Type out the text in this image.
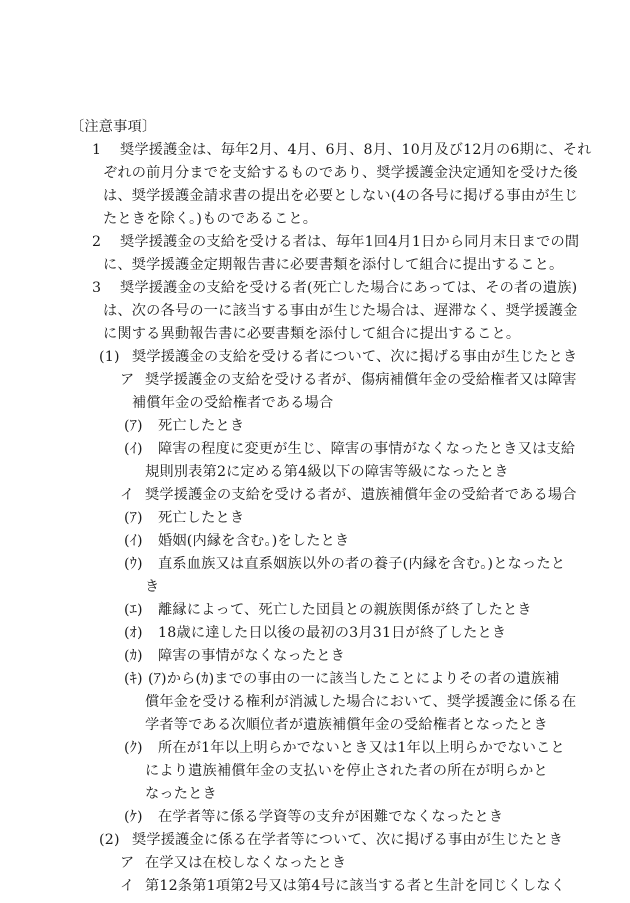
〔注意事項〕
1 奨学援護金は、毎年2月、4月、6月、8月、10月及び12月の6期に、それ
ぞれの前月分までを支給するものであり、奨学援護金決定通知を受けた後
は、奨学援護金請求書の提出を必要としない(4の各号に掲げる事由が生じ
たときを除く。)ものであること。
2 奨学援護金の支給を受ける者は、毎年1回4月1日から同月末日までの間
に、奨学援護金定期報告書に必要書類を添付して組合に提出すること。
3 奨学援護金の支給を受ける者(死亡した場合にあっては、その者の遺族)
は、次の各号の一に該当する事由が生じた場合は、遅滞なく、奨学援護金
に関する異動報告書に必要書類を添付して組合に提出すること。
(1) 奨学援護金の支給を受ける者について、次に掲げる事由が生じたとき
ア 奨学援護金の支給を受ける者が、傷病補償年金の受給権者又は障害
補償年金の受給権者である場合
(ｱ) 死亡したとき
(ｲ) 障害の程度に変更が生じ、障害の事情がなくなったとき又は支給
規則別表第2に定める第4級以下の障害等級になったとき
イ 奨学援護金の支給を受ける者が、遺族補償年金の受給者である場合
(ｱ) 死亡したとき
(ｲ) 婚姻(内縁を含む。)をしたとき
(ｳ) 直系血族又は直系姻族以外の者の養子(内縁を含む。)となったと
き
(ｴ) 離縁によって、死亡した団員との親族関係が終了したとき
(ｵ) 18歳に達した日以後の最初の3月31日が終了したとき
(ｶ) 障害の事情がなくなったとき
(ｷ) (ｱ)から(ｶ)までの事由の一に該当したことによりその者の遺族補
償年金を受ける権利が消滅した場合において、奨学援護金に係る在
学者等である次順位者が遺族補償年金の受給権者となったとき
(ｸ) 所在が1年以上明らかでないとき又は1年以上明らかでないこと
により遺族補償年金の支払いを停止された者の所在が明らかと
なったとき
(ｹ) 在学者等に係る学資等の支弁が困難でなくなったとき
(2) 奨学援護金に係る在学者等について、次に掲げる事由が生じたとき
ア 在学又は在校しなくなったとき
イ 第12条第1項第2号又は第4号に該当する者と生計を同じくしなく
